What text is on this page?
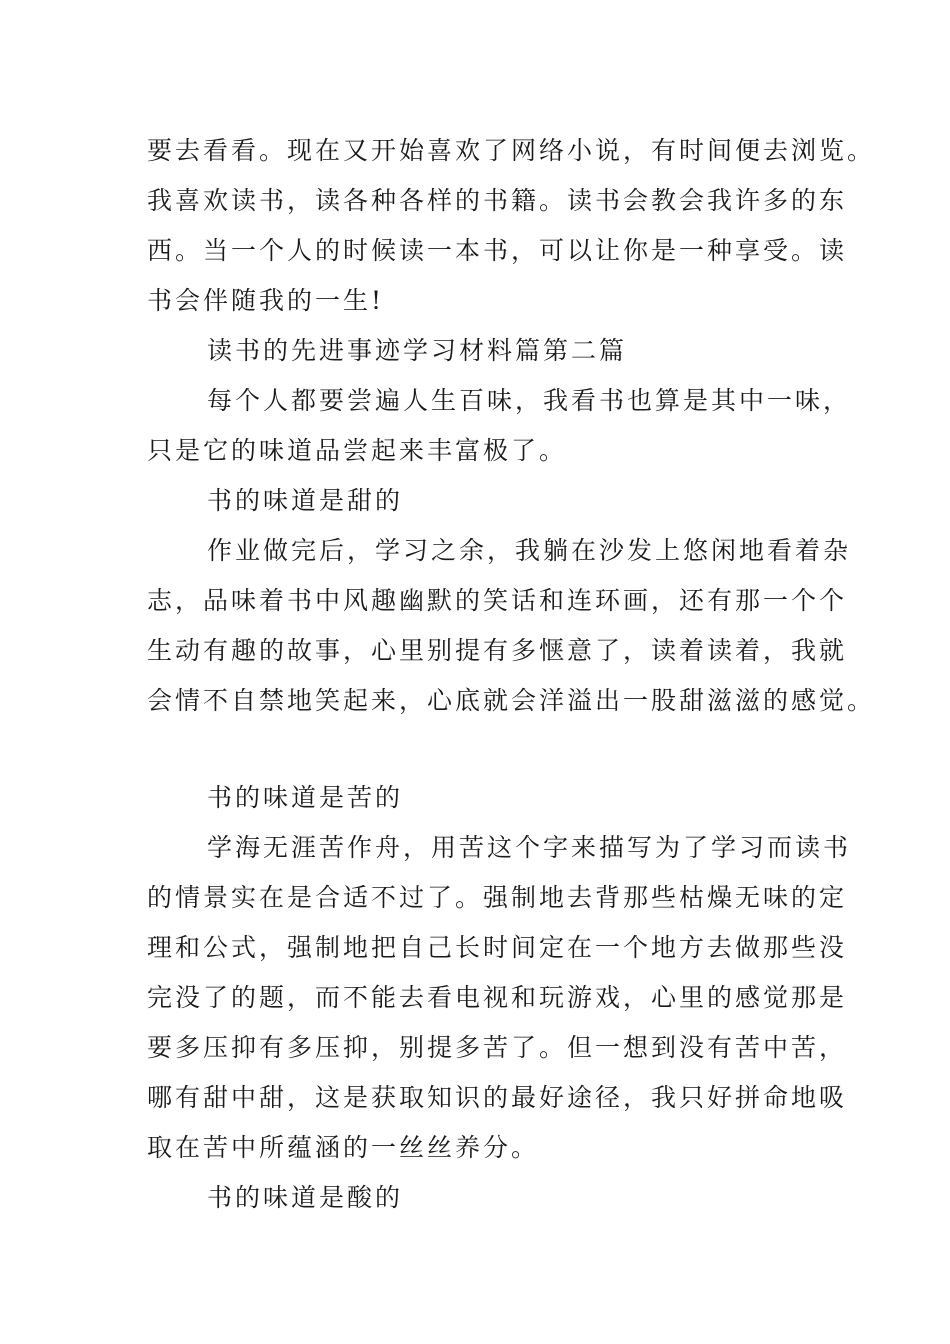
要去看看。现在又开始喜欢了网络小说，有时间便去浏览。
我喜欢读书，读各种各样的书籍。读书会教会我许多的东
西。当一个人的时候读一本书，可以让你是一种享受。读
书会伴随我的一生!
读书的先进事迹学习材料篇第二篇
每个人都要尝遍人生百味，我看书也算是其中一味，
只是它的味道品尝起来丰富极了。
书的味道是甜的
作业做完后，学习之余，我躺在沙发上悠闲地看着杂
志，品味着书中风趣幽默的笑话和连环画，还有那一个个
生动有趣的故事，心里别提有多惬意了，读着读着，我就
会情不自禁地笑起来，心底就会洋溢出一股甜滋滋的感觉。
书的味道是苦的
学海无涯苦作舟，用苦这个字来描写为了学习而读书
的情景实在是合适不过了。强制地去背那些枯燥无味的定
理和公式，强制地把自己长时间定在一个地方去做那些没
完没了的题，而不能去看电视和玩游戏，心里的感觉那是
要多压抑有多压抑，别提多苦了。但一想到没有苦中苦，
哪有甜中甜，这是获取知识的最好途径，我只好拼命地吸
取在苦中所蕴涵的一丝丝养分。
书的味道是酸的
